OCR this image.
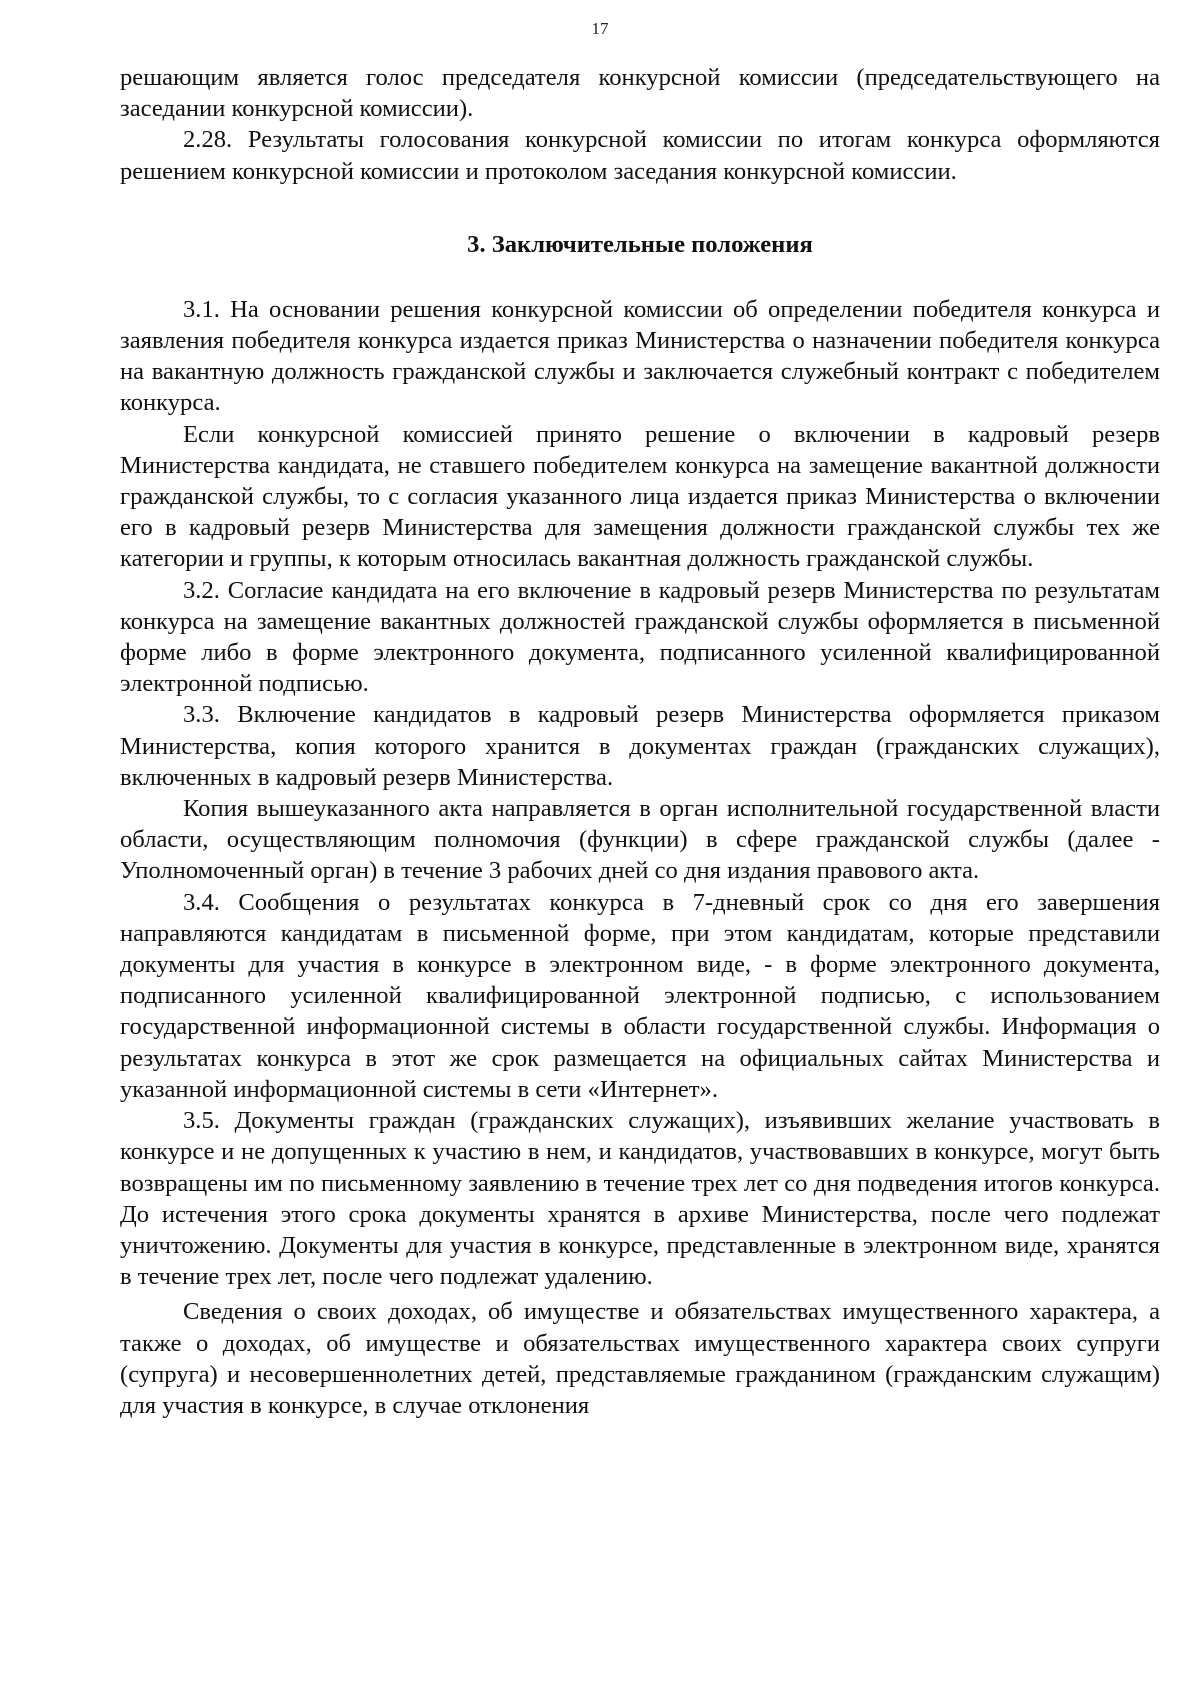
17

решающим является голос председателя конкурсной комиссии (председательствующего на заседании конкурсной комиссии).

2.28. Результаты голосования конкурсной комиссии по итогам конкурса оформляются решением конкурсной комиссии и протоколом заседания конкурсной комиссии.

3. Заключительные положения

3.1. На основании решения конкурсной комиссии об определении победителя конкурса и заявления победителя конкурса издается приказ Министерства о назначении победителя конкурса на вакантную должность гражданской службы и заключается служебный контракт с победителем конкурса.

Если конкурсной комиссией принято решение о включении в кадровый резерв Министерства кандидата, не ставшего победителем конкурса на замещение вакантной должности гражданской службы, то с согласия указанного лица издается приказ Министерства о включении его в кадровый резерв Министерства для замещения должности гражданской службы тех же категории и группы, к которым относилась вакантная должность гражданской службы.

3.2. Согласие кандидата на его включение в кадровый резерв Министерства по результатам конкурса на замещение вакантных должностей гражданской службы оформляется в письменной форме либо в форме электронного документа, подписанного усиленной квалифицированной электронной подписью.

3.3. Включение кандидатов в кадровый резерв Министерства оформляется приказом Министерства, копия которого хранится в документах граждан (гражданских служащих), включенных в кадровый резерв Министерства.

Копия вышеуказанного акта направляется в орган исполнительной государственной власти области, осуществляющим полномочия (функции) в сфере гражданской службы (далее - Уполномоченный орган) в течение 3 рабочих дней со дня издания правового акта.

3.4. Сообщения о результатах конкурса в 7-дневный срок со дня его завершения направляются кандидатам в письменной форме, при этом кандидатам, которые представили документы для участия в конкурсе в электронном виде, - в форме электронного документа, подписанного усиленной квалифицированной электронной подписью, с использованием государственной информационной системы в области государственной службы. Информация о результатах конкурса в этот же срок размещается на официальных сайтах Министерства и указанной информационной системы в сети «Интернет».

3.5. Документы граждан (гражданских служащих), изъявивших желание участвовать в конкурсе и не допущенных к участию в нем, и кандидатов, участвовавших в конкурсе, могут быть возвращены им по письменному заявлению в течение трех лет со дня подведения итогов конкурса. До истечения этого срока документы хранятся в архиве Министерства, после чего подлежат уничтожению. Документы для участия в конкурсе, представленные в электронном виде, хранятся в течение трех лет, после чего подлежат удалению.

Сведения о своих доходах, об имуществе и обязательствах имущественного характера, а также о доходах, об имуществе и обязательствах имущественного характера своих супруги (супруга) и несовершеннолетних детей, представляемые гражданином (гражданским служащим) для участия в конкурсе, в случае отклонения
